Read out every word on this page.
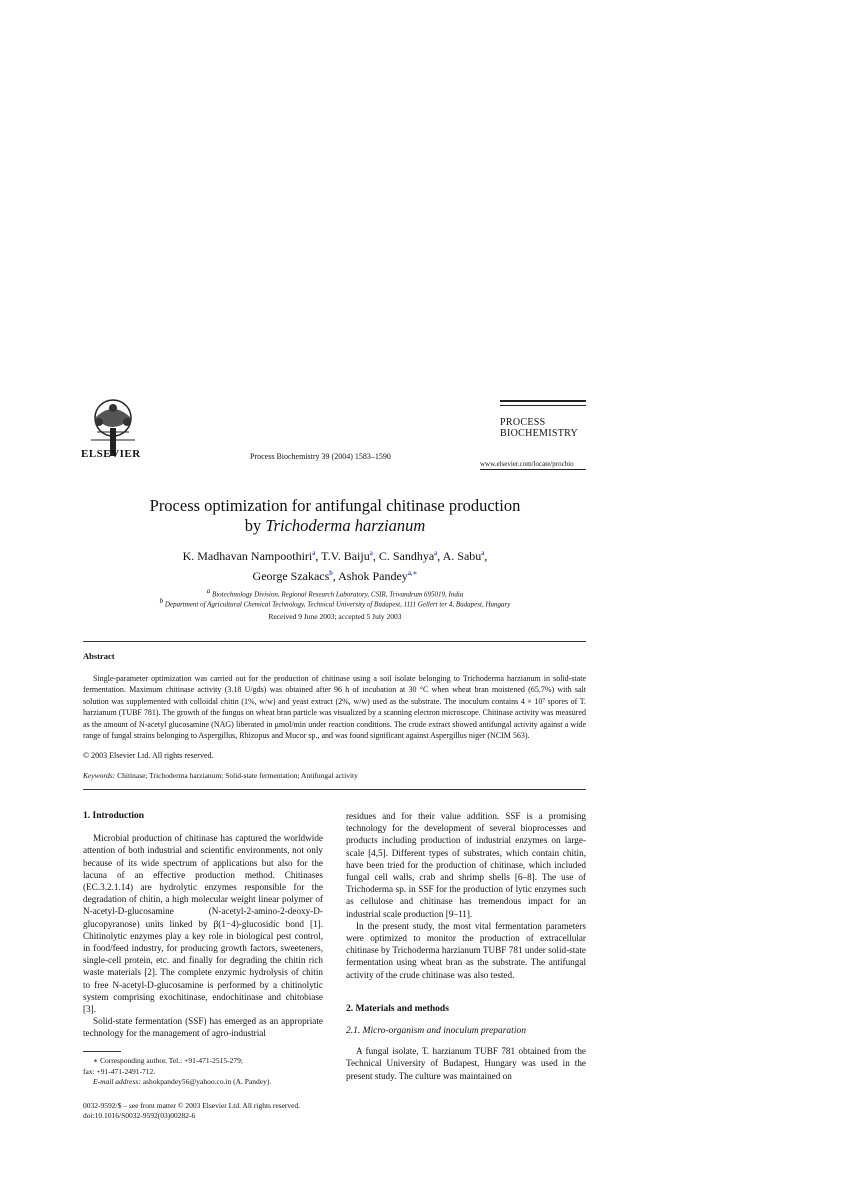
ELSEVIER	Process Biochemistry 39 (2004) 1583–1590
PROCESS
BIOCHEMISTRY
www.elsevier.com/locate/procbio
Process optimization for antifungal chitinase production
by Trichoderma harzianum
K. Madhavan Nampoothiri$^a$, T.V. Baiju$^a$, C. Sandhya$^a$, A. Sabu$^a$,
George Szakacs$^b$, Ashok Pandey$^{a,∗}$
$^a$ Biotechnology Division, Regional Research Laboratory, CSIR, Trivandrum 695019, India
$^b$ Department of Agricultural Chemical Technology, Technical University of Budapest, 1111 Gellert ter 4, Budapest, Hungary
Received 9 June 2003; accepted 5 July 2003
Abstract
Single-parameter optimization was carried out for the production of chitinase using a soil isolate belonging to Trichoderma harzianum in solid-state fermentation. Maximum chitinase activity (3.18 U/gds) was obtained after 96 h of incubation at 30 °C when wheat bran moistened (65.7%) with salt solution was supplemented with colloidal chitin (1%, w/w) and yeast extract (2%, w/w) used as the substrate. The inoculum contains 4 × 10⁷ spores of T. harzianum (TUBF 781). The growth of the fungus on wheat bran particle was visualized by a scanning electron microscope. Chitinase activity was measured as the amount of N-acetyl glucosamine (NAG) liberated in μmol/min under reaction conditions. The crude extract showed antifungal activity against a wide range of fungal strains belonging to Aspergillus, Rhizopus and Mucor sp., and was found significant against Aspergillus niger (NCIM 563).
© 2003 Elsevier Ltd. All rights reserved.
Keywords: Chitinase; Trichoderma harzianum; Solid-state fermentation; Antifungal activity
1. Introduction

Microbial production of chitinase has captured the worldwide attention of both industrial and scientific environments, not only because of its wide spectrum of applications but also for the lacuna of an effective production method. Chitinases (EC.3.2.1.14) are hydrolytic enzymes responsible for the degradation of chitin, a high molecular weight linear polymer of N-acetyl-D-glucosamine (N-acetyl-2-amino-2-deoxy-D-glucopyranose) units linked by β(1−4)-glucosidic bond [1]. Chitinolytic enzymes play a key role in biological pest control, in food/feed industry, for producing growth factors, sweeteners, single-cell protein, etc. and finally for degrading the chitin rich waste materials [2]. The complete enzymic hydrolysis of chitin to free N-acetyl-D-glucosamine is performed by a chitinolytic system comprising exochitinase, endochitinase and chitobiase [3].

Solid-state fermentation (SSF) has emerged as an appropriate technology for the management of agro-industrial

residues and for their value addition. SSF is a promising technology for the development of several bioprocesses and products including production of industrial enzymes on large-scale [4,5]. Different types of substrates, which contain chitin, have been tried for the production of chitinase, which included fungal cell walls, crab and shrimp shells [6–8]. The use of Trichoderma sp. in SSF for the production of lytic enzymes such as cellulose and chitinase has tremendous impact for an industrial scale production [9–11].

In the present study, the most vital fermentation parameters were optimized to monitor the production of extracellular chitinase by Trichoderma harzianum TUBF 781 under solid-state fermentation using wheat bran as the substrate. The antifungal activity of the crude chitinase was also tested.

2. Materials and methods
2.1. Micro-organism and inoculum preparation

A fungal isolate, T. harzianum TUBF 781 obtained from the Technical University of Budapest, Hungary was used in the present study. The culture was maintained on

∗ Corresponding author. Tel.: +91-471-2515-279;
fax: +91-471-2491-712.
E-mail address: ashokpandey56@yahoo.co.in (A. Pandey).
0032-9592/$ – see front matter © 2003 Elsevier Ltd. All rights reserved.
doi:10.1016/S0032-9592(03)00282-6
